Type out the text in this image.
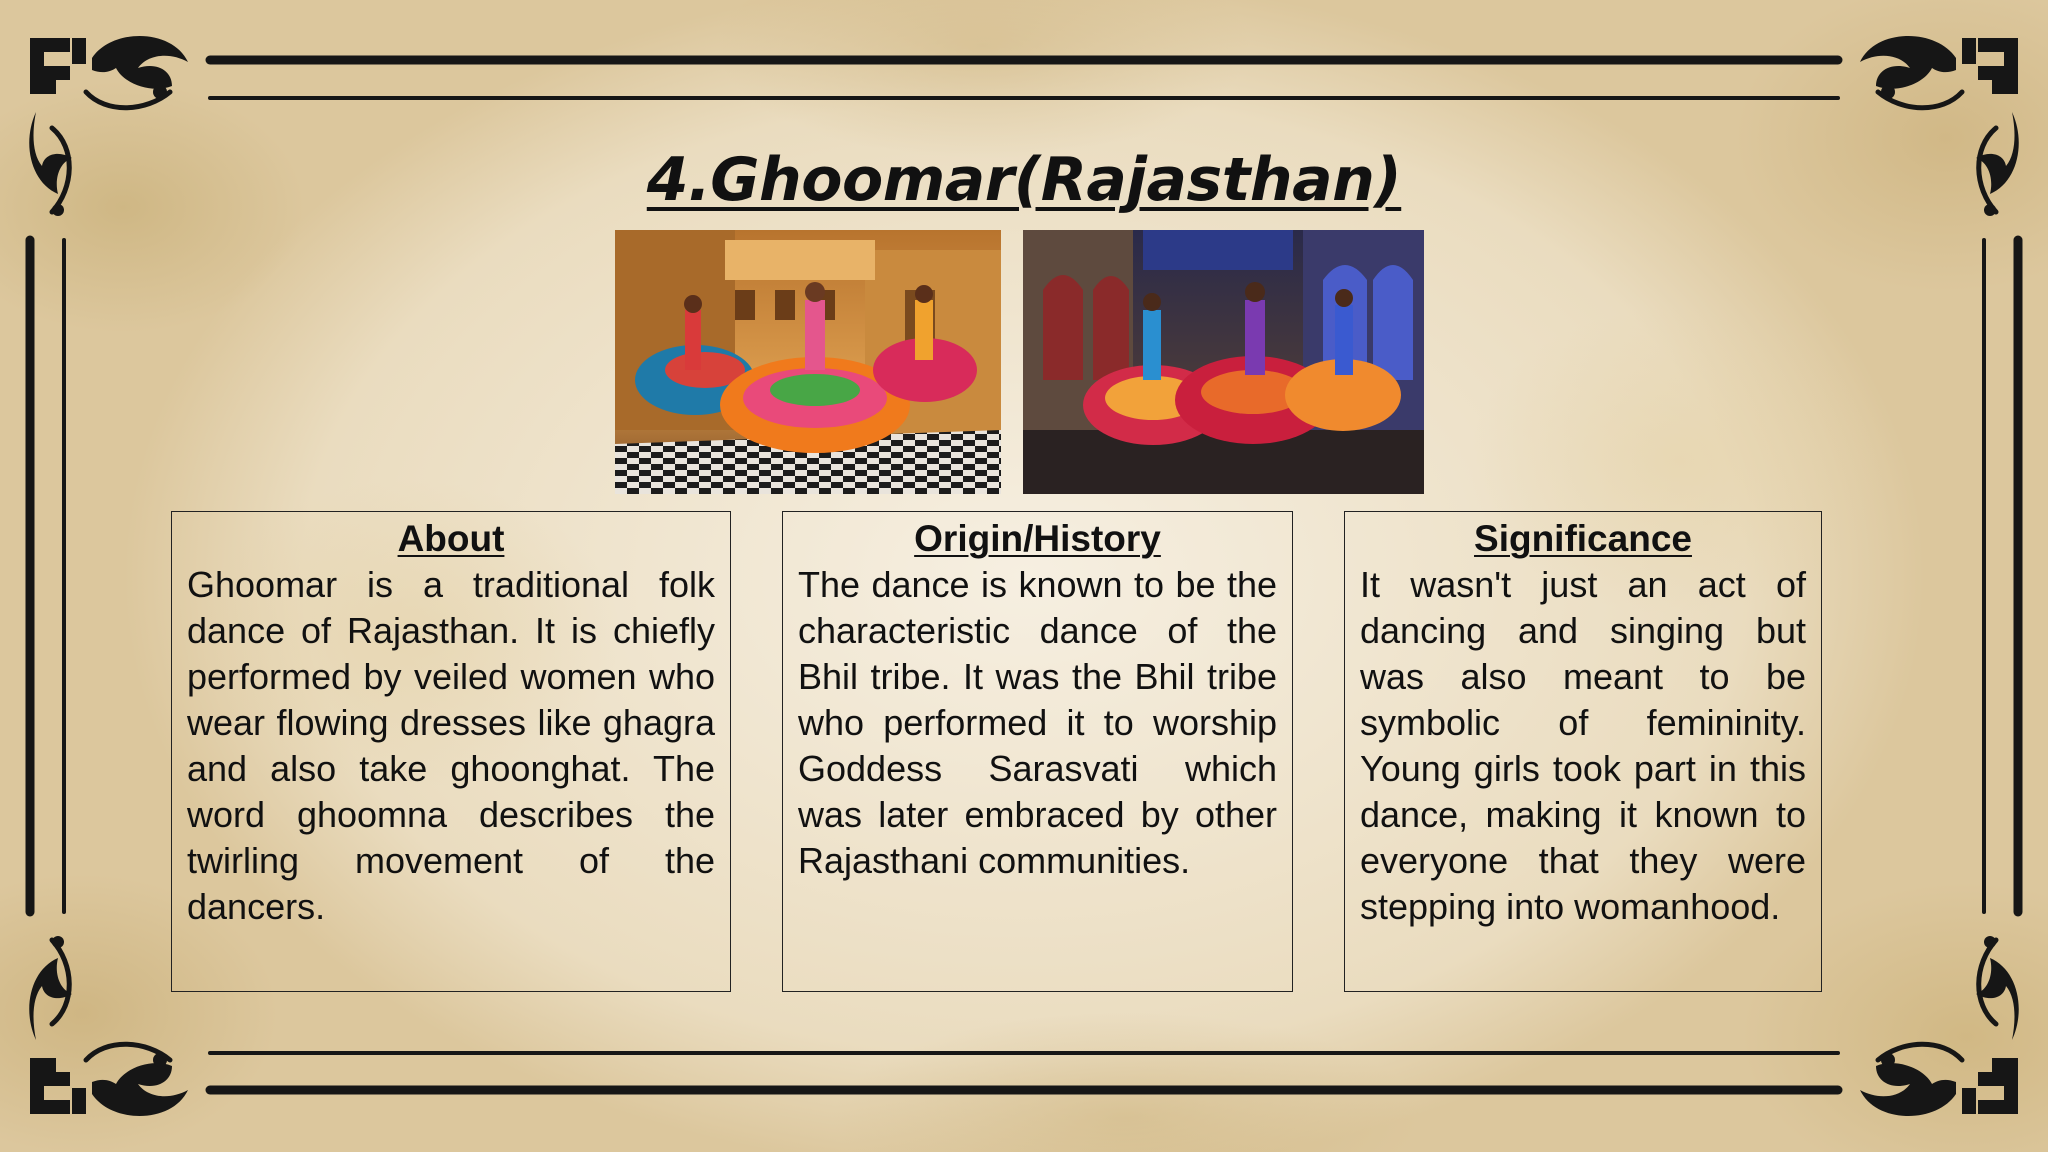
4.Ghoomar(Rajasthan)
About
Ghoomar is a traditional folk dance of Rajasthan. It is chiefly performed by veiled women who wear flowing dresses like ghagra and also take ghoonghat. The word ghoomna describes the twirling movement of the dancers.
Origin/History
The dance is known to be the characteristic dance of the Bhil tribe. It was the Bhil tribe who performed it to worship Goddess Sarasvati which was later embraced by other Rajasthani communities.
Significance
It wasn't just an act of dancing and singing but was also meant to be symbolic of femininity. Young girls took part in this dance, making it known to everyone that they were stepping into womanhood.
